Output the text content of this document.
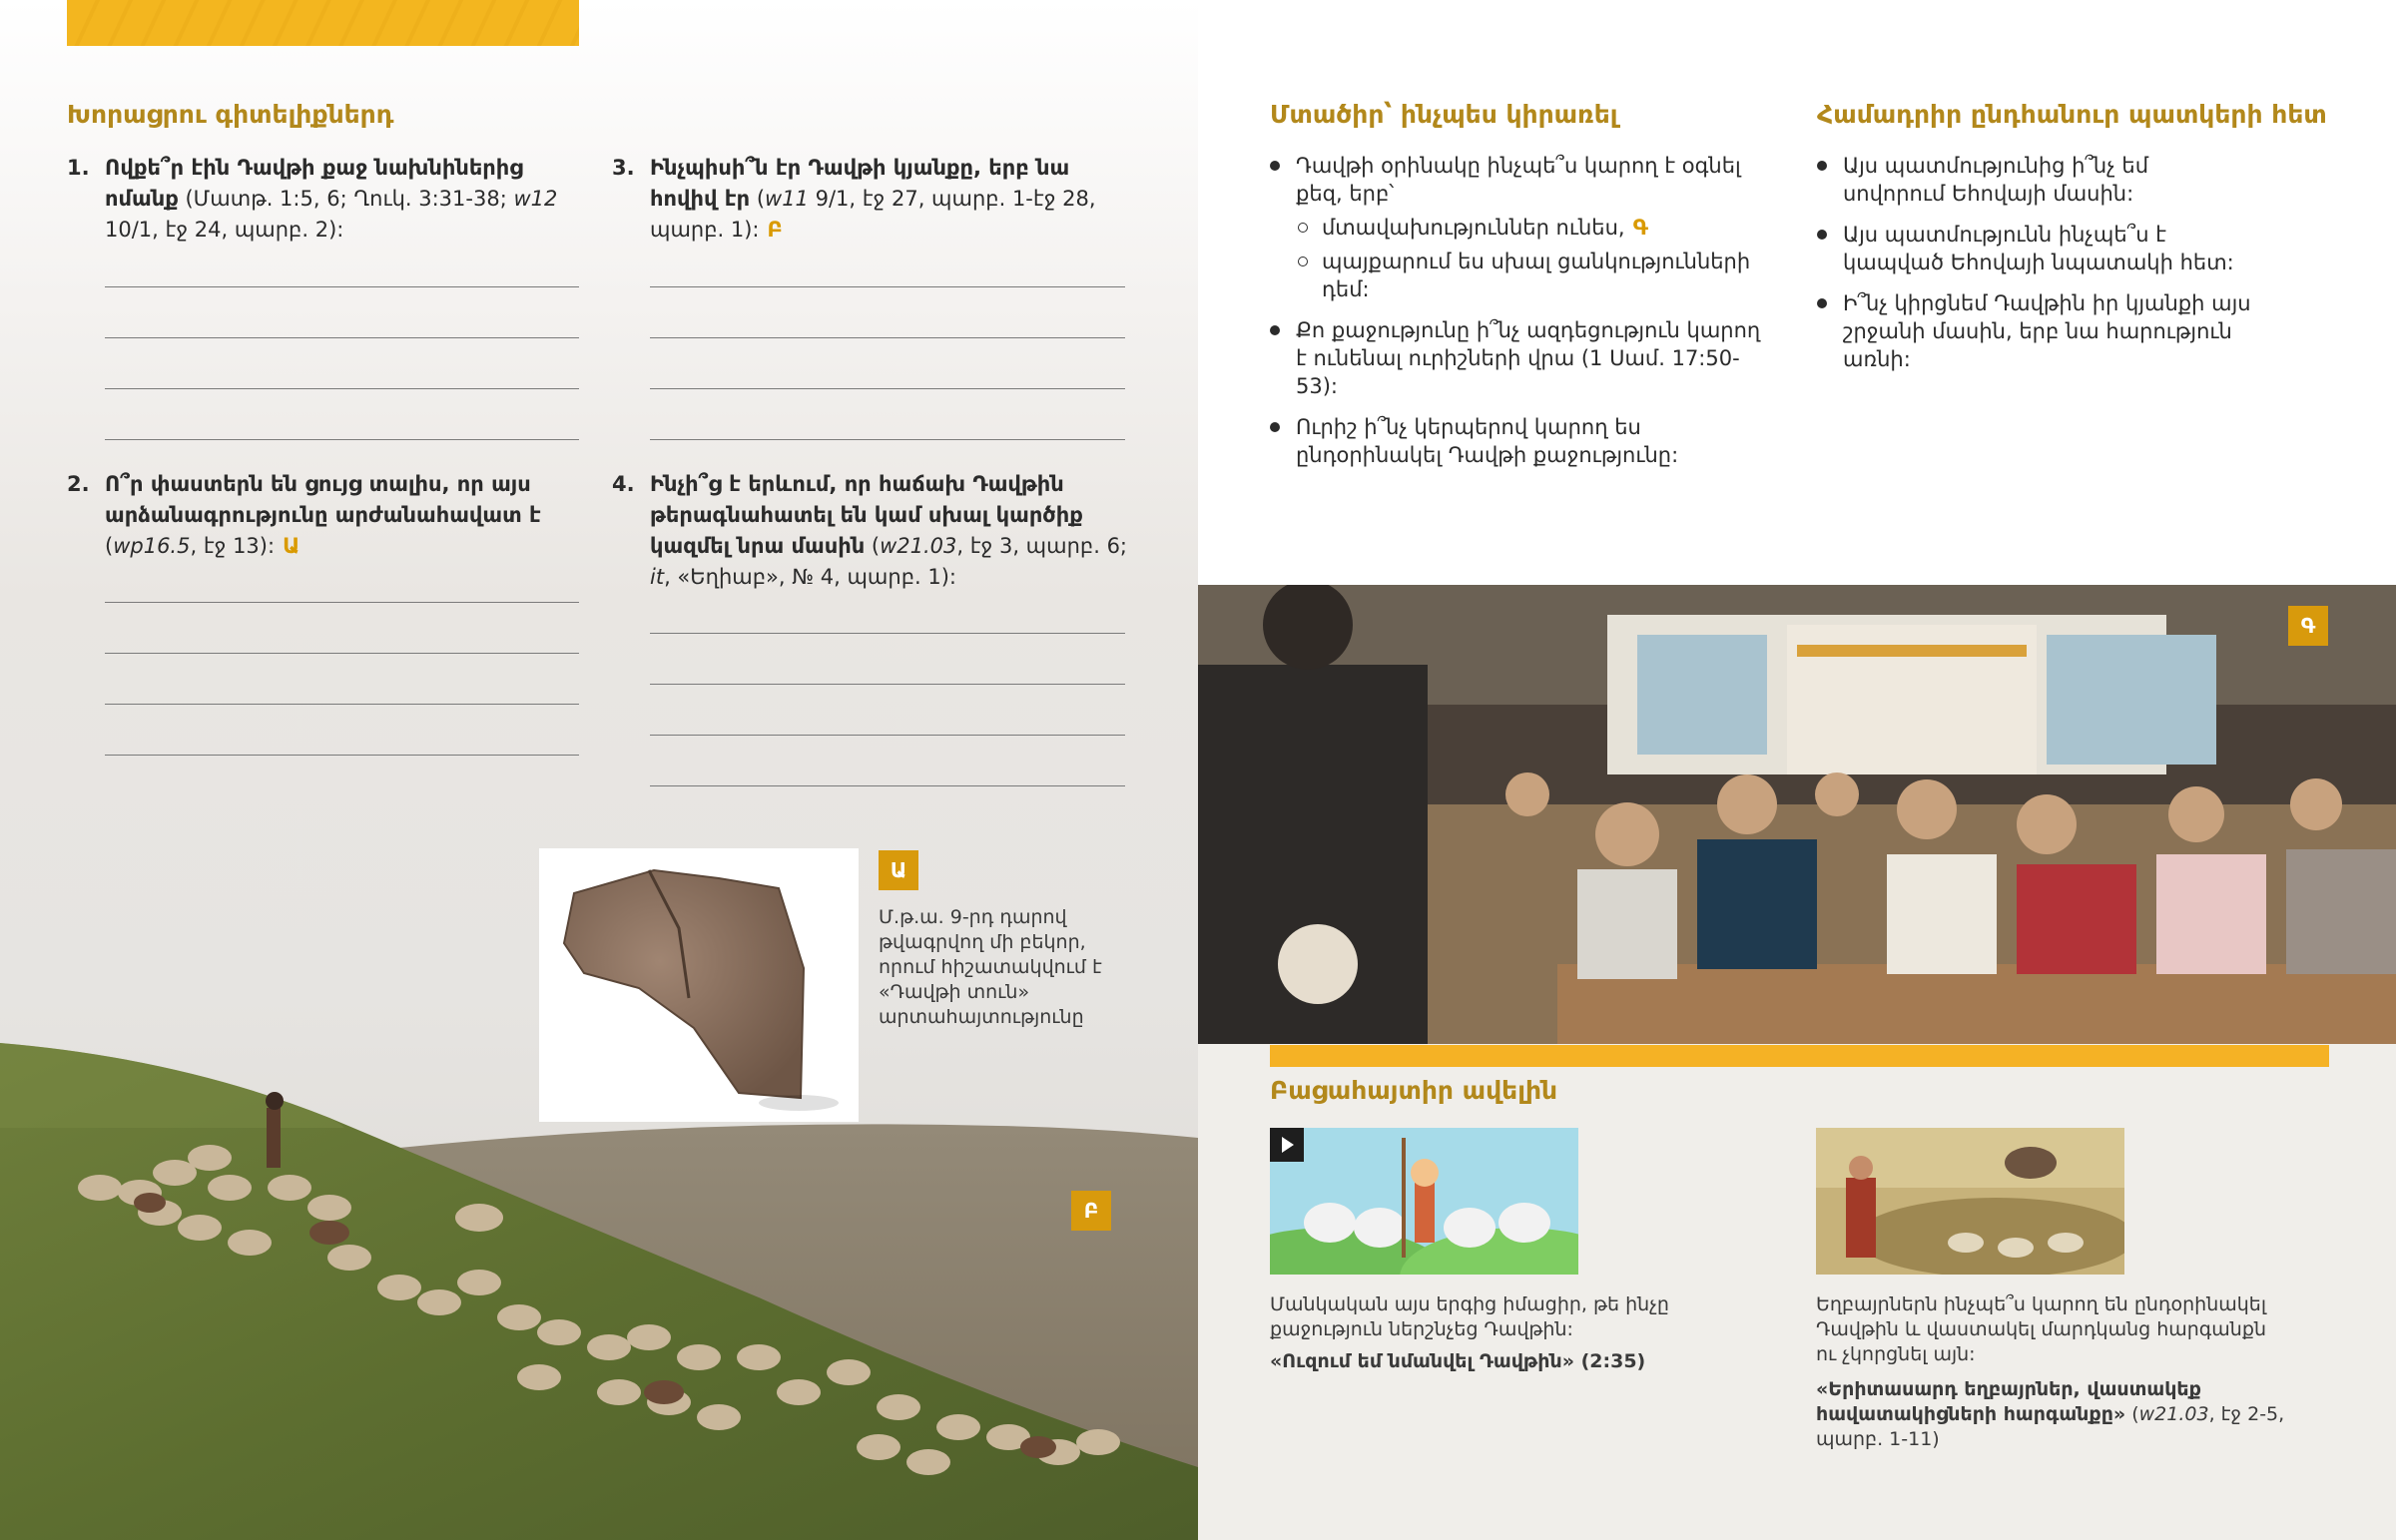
Խորացրու գիտելիքներդ
1. Ովքե՞ր էին Դավթի քաջ նախնիներից ոմանք (Մատթ. 1:5, 6; Ղուկ. 3:31-38; w12 10/1, էջ 24, պարբ. 2):
2. Ո՞ր փաստերն են ցույց տալիս, որ այս արձանագրությունը արժանահավատ է (wp16.5, էջ 13): Ա
3. Ինչպիսի՞ն էր Դավթի կյանքը, երբ նա հովիվ էր (w11 9/1, էջ 27, պարբ. 1-էջ 28, պարբ. 1): Բ
4. Ինչի՞ց է երևում, որ հաճախ Դավթին թերագնահատել են կամ սխալ կարծիք կազմել նրա մասին (w21.03, էջ 3, պարբ. 6;
it, «Եղիաբ», № 4, պարբ. 1):
Ա
Մ.թ.ա. 9-րդ դարով թվագրվող մի բեկոր, որում հիշատակվում է «Դավթի տուն» արտահայտությունը
Բ
Մտածիր՝ ինչպես կիրառել
Դավթի օրինակը ինչպե՞ս կարող է օգնել քեզ, երբ՝
մտավախություններ ունես, Գ
պայքարում ես սխալ ցանկությունների դեմ:
Քո քաջությունը ի՞նչ ազդեցություն կարող է ունենալ ուրիշների վրա (1 Սամ. 17:50-53):
Ուրիշ ի՞նչ կերպերով կարող ես ընդօրինակել Դավթի քաջությունը:
Համադրիր ընդհանուր պատկերի հետ
Այս պատմությունից ի՞նչ եմ սովորում Եհովայի մասին:
Այս պատմությունն ինչպե՞ս է կապված Եհովայի նպատակի հետ:
Ի՞նչ կիրցնեմ Դավթին իր կյանքի այս շրջանի մասին, երբ նա հարություն առնի:
Գ
Բացահայտիր ավելին
Մանկական այս երգից իմացիր, թե ինչը քաջություն ներշնչեց Դավթին:
«Ուզում եմ նմանվել Դավթին» (2:35)
Եղբայրներն ինչպե՞ս կարող են ընդօրինակել Դավթին և վաստակել մարդկանց հարգանքն ու չկորցնել այն:
«Երիտասարդ եղբայրներ, վաստակեք հավատակիցների հարգանքը» (w21.03, էջ 2-5, պարբ. 1-11)
